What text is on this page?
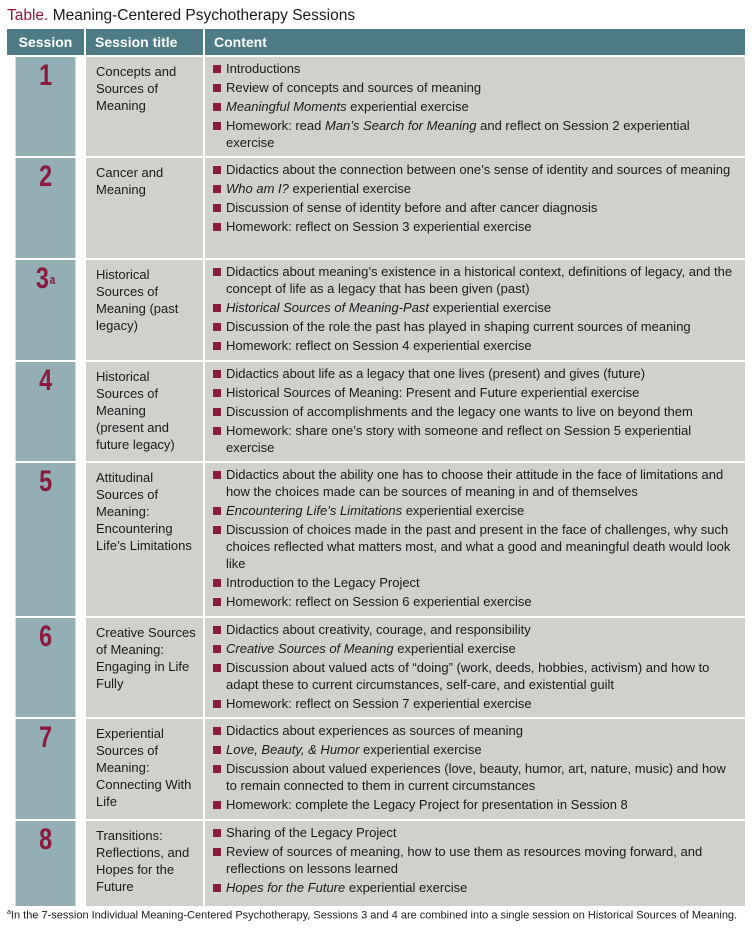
Table. Meaning-Centered Psychotherapy Sessions
Session	Session title	Content
1	Concepts and Sources of Meaning	Introductions
Review of concepts and sources of meaning
Meaningful Moments experiential exercise
Homework: read Man’s Search for Meaning and reflect on Session 2 experiential exercise

2	Cancer and Meaning	Didactics about the connection between one’s sense of identity and sources of meaning
Who am I? experiential exercise
Discussion of sense of identity before and after cancer diagnosis
Homework: reflect on Session 3 experiential exercise

3$^a$	Historical Sources of Meaning (past legacy)	Didactics about meaning’s existence in a historical context, definitions of legacy, and the concept of life as a legacy that has been given (past)
Historical Sources of Meaning-Past experiential exercise
Discussion of the role the past has played in shaping current sources of meaning
Homework: reflect on Session 4 experiential exercise

4	Historical Sources of Meaning (present and future legacy)	Didactics about life as a legacy that one lives (present) and gives (future)
Historical Sources of Meaning: Present and Future experiential exercise
Discussion of accomplishments and the legacy one wants to live on beyond them
Homework: share one’s story with someone and reflect on Session 5 experiential exercise

5	Attitudinal Sources of Meaning: Encountering Life’s Limitations	Didactics about the ability one has to choose their attitude in the face of limitations and how the choices made can be sources of meaning in and of themselves
Encountering Life’s Limitations experiential exercise
Discussion of choices made in the past and present in the face of challenges, why such choices reflected what matters most, and what a good and meaningful death would look like
Introduction to the Legacy Project
Homework: reflect on Session 6 experiential exercise

6	Creative Sources of Meaning: Engaging in Life Fully	Didactics about creativity, courage, and responsibility
Creative Sources of Meaning experiential exercise
Discussion about valued acts of “doing” (work, deeds, hobbies, activism) and how to adapt these to current circumstances, self-care, and existential guilt
Homework: reflect on Session 7 experiential exercise

7	Experiential Sources of Meaning: Connecting With Life	Didactics about experiences as sources of meaning
Love, Beauty, & Humor experiential exercise
Discussion about valued experiences (love, beauty, humor, art, nature, music) and how to remain connected to them in current circumstances
Homework: complete the Legacy Project for presentation in Session 8

8	Transitions: Reflections, and Hopes for the Future	Sharing of the Legacy Project
Review of sources of meaning, how to use them as resources moving forward, and reflections on lessons learned
Hopes for the Future experiential exercise
$^a$In the 7-session Individual Meaning-Centered Psychotherapy, Sessions 3 and 4 are combined into a single session on Historical Sources of Meaning.
